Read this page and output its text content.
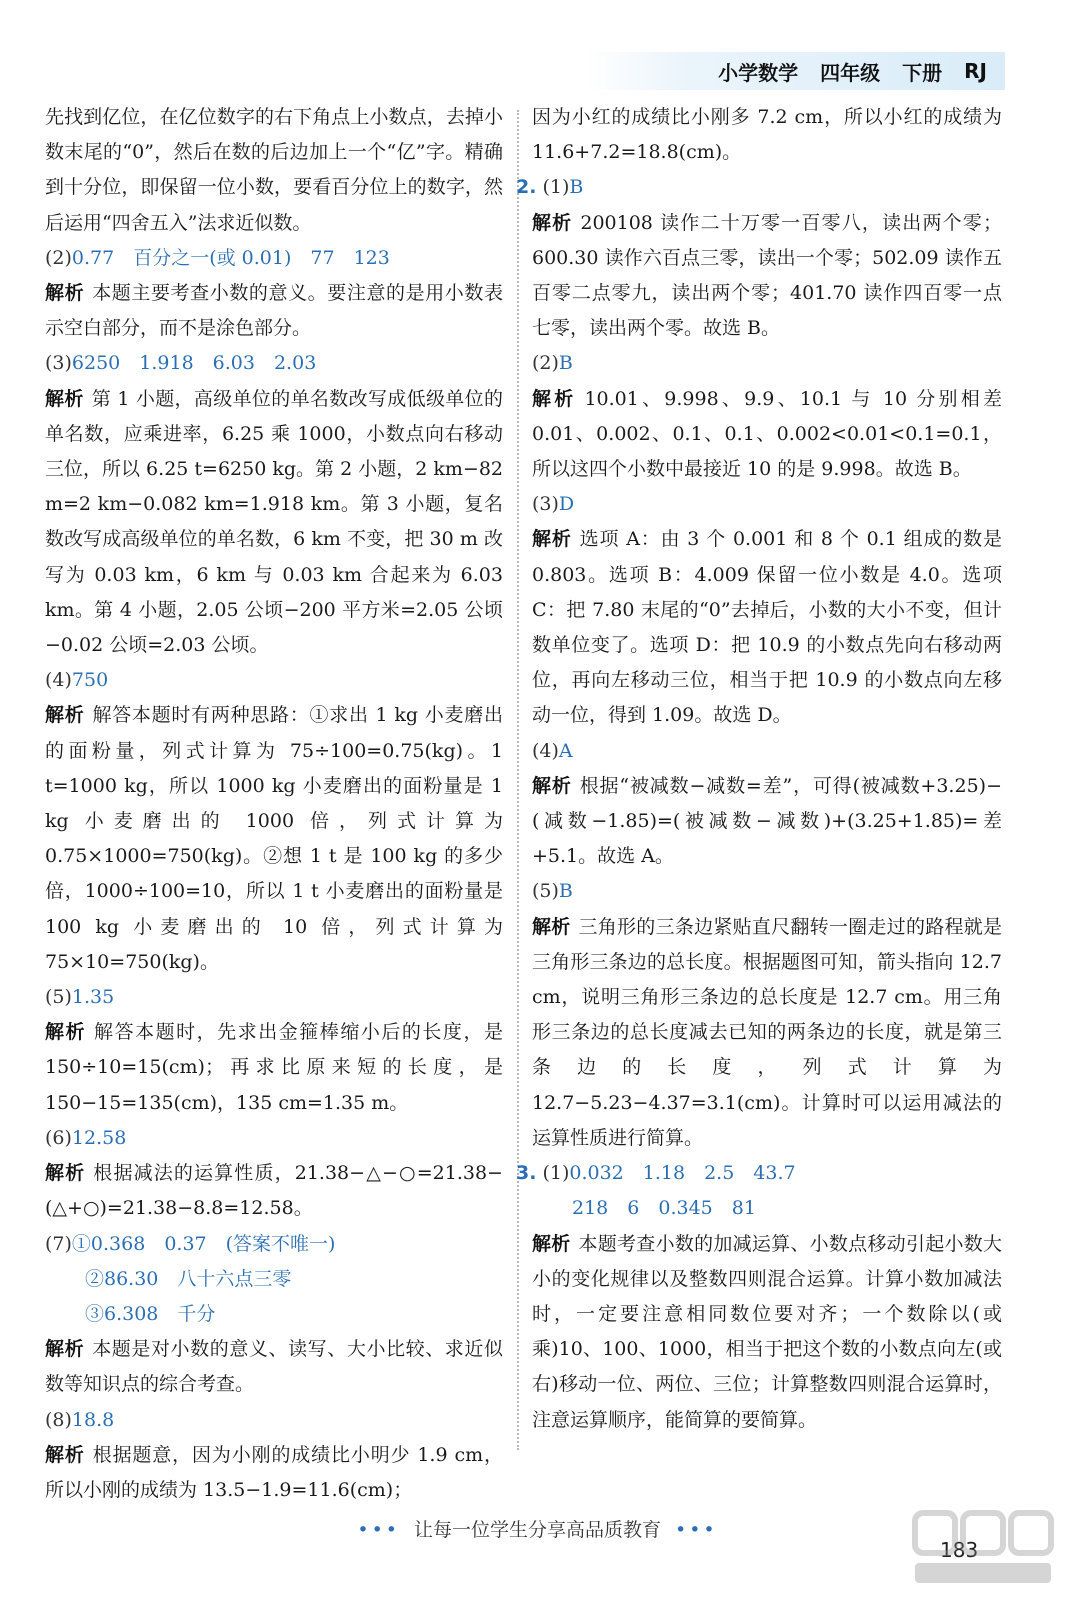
小学数学 四年级 下册 RJ

先找到亿位，在亿位数字的右下角点上小数点，去掉小数末尾的“0”，然后在数的后边加上一个“亿”字。精确到十分位，即保留一位小数，要看百分位上的数字，然后运用“四舍五入”法求近似数。

(2)0.77　百分之一(或 0.01)　77　123

解析 本题主要考查小数的意义。要注意的是用小数表示空白部分，而不是涂色部分。

(3)6250　1.918　6.03　2.03

解析 第 1 小题，高级单位的单名数改写成低级单位的单名数，应乘进率，6.25 乘 1000，小数点向右移动三位，所以 6.25 t=6250 kg。第 2 小题，2 km−82 m=2 km−0.082 km=1.918 km。第 3 小题，复名数改写成高级单位的单名数，6 km 不变，把 30 m 改写为 0.03 km，6 km 与 0.03 km 合起来为 6.03 km。第 4 小题，2.05 公顷−200 平方米=2.05 公顷−0.02 公顷=2.03 公顷。

(4)750

解析 解答本题时有两种思路：①求出 1 kg 小麦磨出的面粉量，列式计算为 75÷100=0.75(kg)。1 t=1000 kg，所以 1000 kg 小麦磨出的面粉量是 1 kg 小麦磨出的 1000 倍，列式计算为 0.75×1000=750(kg)。②想 1 t 是 100 kg 的多少倍，1000÷100=10，所以 1 t 小麦磨出的面粉量是 100 kg 小麦磨出的 10 倍，列式计算为 75×10=750(kg)。

(5)1.35

解析 解答本题时，先求出金箍棒缩小后的长度，是 150÷10=15(cm)；再求比原来短的长度，是 150−15=135(cm)，135 cm=1.35 m。

(6)12.58

解析 根据减法的运算性质，21.38−△−○=21.38−(△+○)=21.38−8.8=12.58。

(7)①0.368　0.37　(答案不唯一)

②86.30　八十六点三零

③6.308　千分

解析 本题是对小数的意义、读写、大小比较、求近似数等知识点的综合考查。

(8)18.8

解析 根据题意，因为小刚的成绩比小明少 1.9 cm，所以小刚的成绩为 13.5−1.9=11.6(cm)；

因为小红的成绩比小刚多 7.2 cm，所以小红的成绩为 11.6+7.2=18.8(cm)。

2. (1)B

解析 200108 读作二十万零一百零八，读出两个零；600.30 读作六百点三零，读出一个零；502.09 读作五百零二点零九，读出两个零；401.70 读作四百零一点七零，读出两个零。故选 B。

(2)B

解析 10.01、9.998、9.9、10.1 与 10 分别相差 0.01、0.002、0.1、0.1、0.002<0.01<0.1=0.1，所以这四个小数中最接近 10 的是 9.998。故选 B。

(3)D

解析 选项 A：由 3 个 0.001 和 8 个 0.1 组成的数是 0.803。选项 B：4.009 保留一位小数是 4.0。选项 C：把 7.80 末尾的“0”去掉后，小数的大小不变，但计数单位变了。选项 D：把 10.9 的小数点先向右移动两位，再向左移动三位，相当于把 10.9 的小数点向左移动一位，得到 1.09。故选 D。

(4)A

解析 根据“被减数−减数=差”，可得(被减数+3.25)−(减数−1.85)=(被减数−减数)+(3.25+1.85)=差+5.1。故选 A。

(5)B

解析 三角形的三条边紧贴直尺翻转一圈走过的路程就是三角形三条边的总长度。根据题图可知，箭头指向 12.7 cm，说明三角形三条边的总长度是 12.7 cm。用三角形三条边的总长度减去已知的两条边的长度，就是第三条边的长度，列式计算为 12.7−5.23−4.37=3.1(cm)。计算时可以运用减法的运算性质进行简算。

3. (1)0.032　1.18　2.5　43.7

218　6　0.345　81

解析 本题考查小数的加减运算、小数点移动引起小数大小的变化规律以及整数四则混合运算。计算小数加减法时，一定要注意相同数位要对齐；一个数除以(或乘)10、100、1000，相当于把这个数的小数点向左(或右)移动一位、两位、三位；计算整数四则混合运算时，注意运算顺序，能简算的要简算。

••• 让每一位学生分享高品质教育 •••
183
